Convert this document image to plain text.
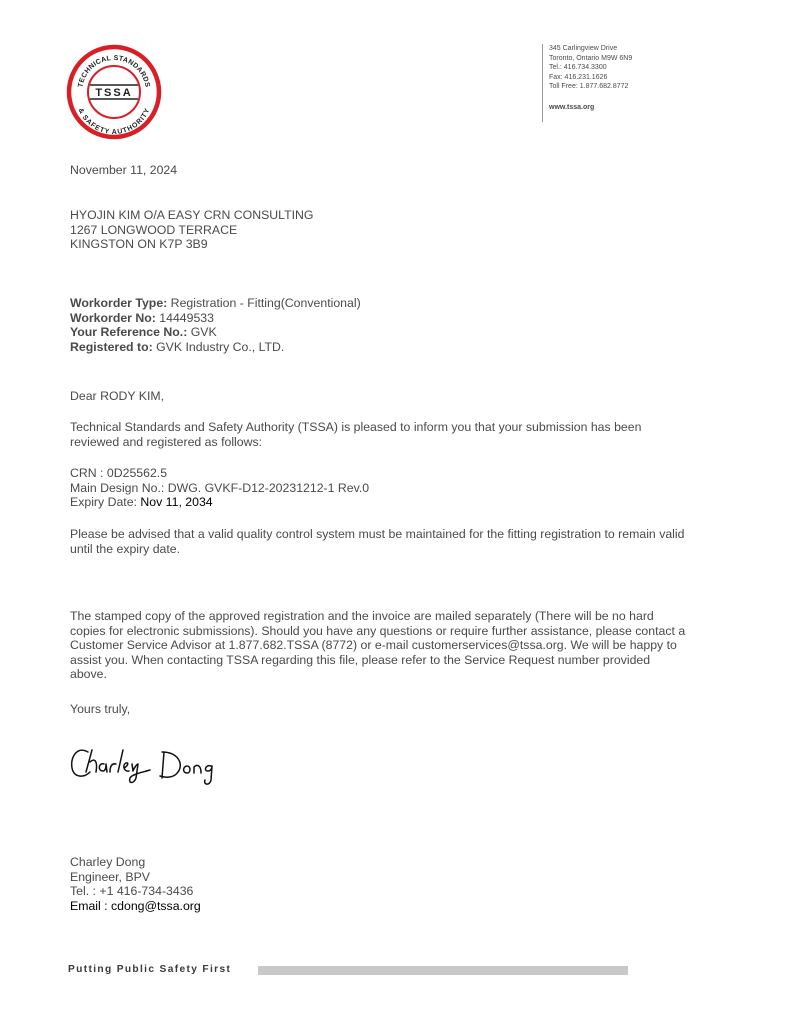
TECHNICAL STANDARDS
& SAFETY AUTHORITY
TSSA
345 Carlingview Drive
Toronto, Ontario M9W 6N9
Tel.: 416.734.3300
Fax: 416.231.1626
Toll Free: 1.877.682.8772
www.tssa.org
November 11, 2024
HYOJIN KIM O/A EASY CRN CONSULTING
1267 LONGWOOD TERRACE
KINGSTON ON K7P 3B9
Workorder Type: Registration - Fitting(Conventional)
Workorder No: 14449533
Your Reference No.: GVK
Registered to: GVK Industry Co., LTD.
Dear RODY KIM,
Technical Standards and Safety Authority (TSSA) is pleased to inform you that your submission has been
reviewed and registered as follows:
CRN : 0D25562.5
Main Design No.: DWG. GVKF-D12-20231212-1 Rev.0
Expiry Date: Nov 11, 2034
Please be advised that a valid quality control system must be maintained for the fitting registration to remain valid
until the expiry date.
The stamped copy of the approved registration and the invoice are mailed separately (There will be no hard
copies for electronic submissions). Should you have any questions or require further assistance, please contact a
Customer Service Advisor at 1.877.682.TSSA (8772) or e-mail customerservices@tssa.org. We will be happy to
assist you. When contacting TSSA regarding this file, please refer to the Service Request number provided
above.
Yours truly,
Charley Dong
Engineer, BPV
Tel. : +1 416-734-3436
Email : cdong@tssa.org
Putting Public Safety First
